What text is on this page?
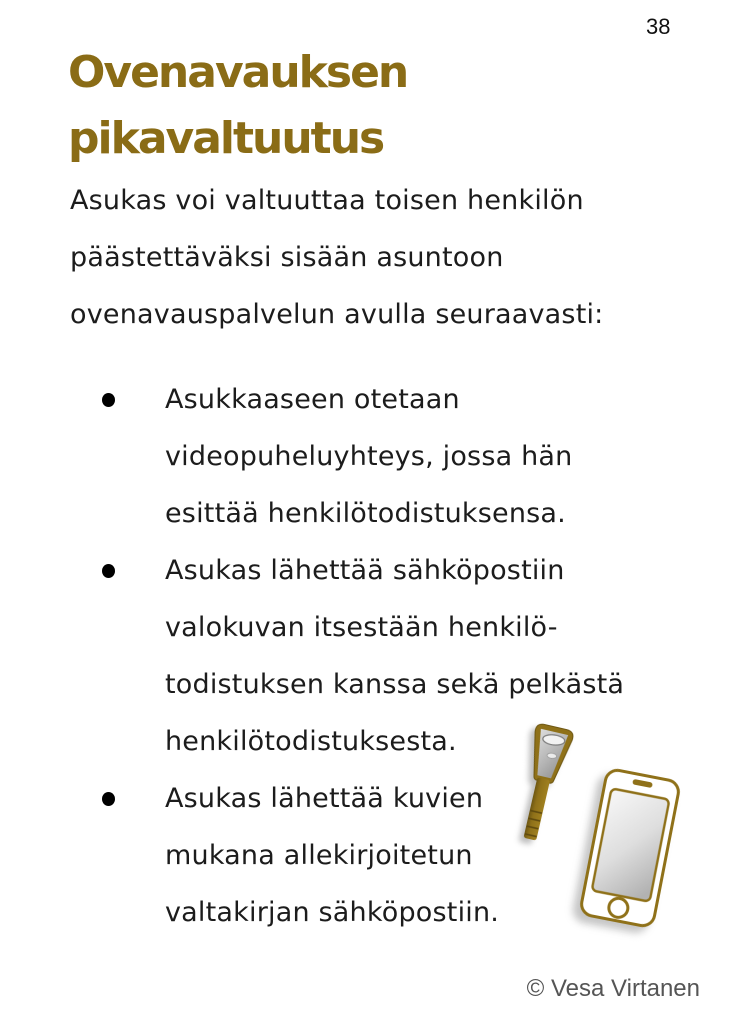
38
Ovenavauksen
pikavaltuutus
Asukas voi valtuuttaa toisen henkilön
päästettäväksi sisään asuntoon
ovenavauspalvelun avulla seuraavasti:
Asukkaaseen otetaan
videopuheluyhteys, jossa hän
esittää henkilötodistuksensa.
Asukas lähettää sähköpostiin
valokuvan itsestään henkilö-
todistuksen kanssa sekä pelkästä
henkilötodistuksesta.
Asukas lähettää kuvien
mukana allekirjoitetun
valtakirjan sähköpostiin.
© Vesa Virtanen
